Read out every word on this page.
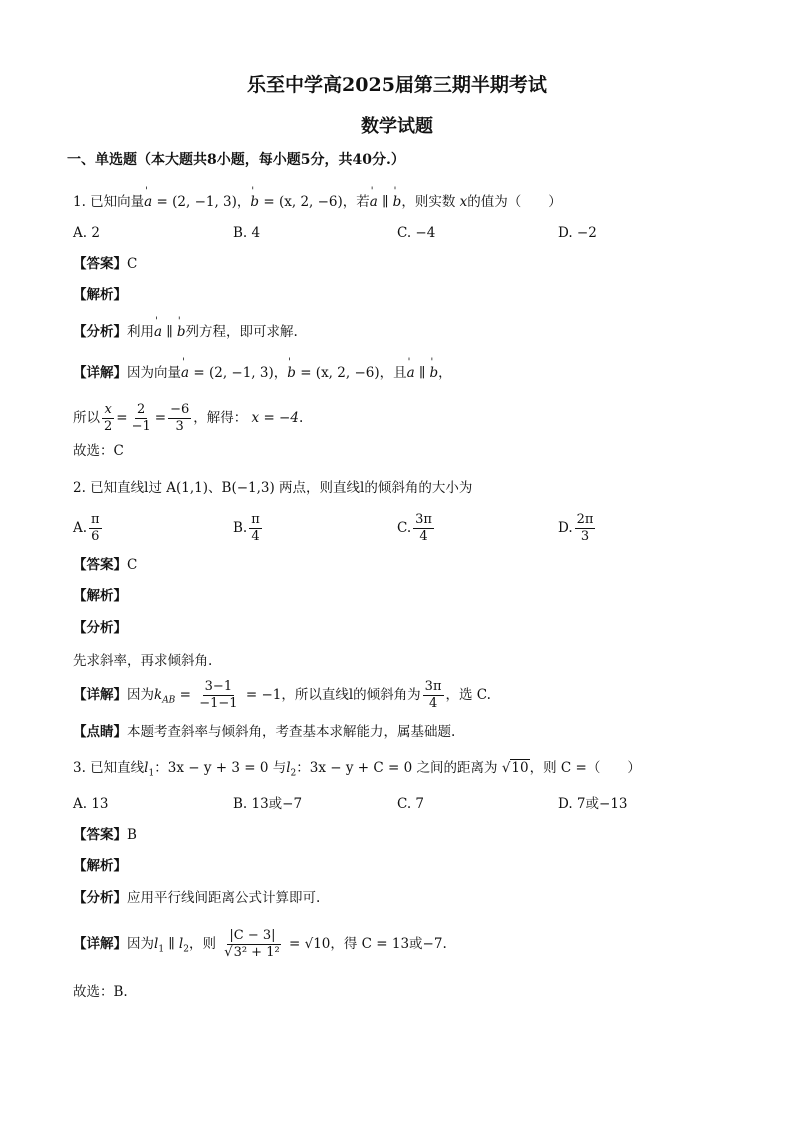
乐至中学高2025届第三期半期考试
数学试题
一、单选题（本大题共8小题，每小题5分，共40分.）
1. 已知向量' a = (2, −1, 3)，' b = (x, 2, −6)，若' a ∥ ' b，则实数 x的值为（　　）
A. 2	B. 4	C. −4	D. −2
【答案】C
【解析】
【分析】利用' a ∥ ' b列方程，即可求解.
【详解】因为向量' a = (2, −1, 3)，' b = (x, 2, −6)，且' a ∥ ' b，
所以 $\frac{x}{2} = \frac{2}{-1} = \frac{-6}{3}$ ，解得： x = −4.
故选：C
2. 已知直线l过 A(1,1)、B(−1,3) 两点，则直线l的倾斜角的大小为
A. $\frac{\pi}{6}$	B. $\frac{\pi}{4}$	C. $\frac{3\pi}{4}$	D. $\frac{2\pi}{3}$
【答案】C
【解析】
【分析】
先求斜率，再求倾斜角.
【详解】因为$k_{AB} = \frac{3-1}{-1-1} = -1$，所以直线l的倾斜角为 $\frac{3\pi}{4}$ ，选 C.
【点睛】本题考查斜率与倾斜角，考查基本求解能力，属基础题.
3. 已知直线$l_1$：3x − y + 3 = 0 与$l_2$：3x − y + C = 0 之间的距离为 √10，则 C =（　　）
A. 13	B. 13或−7	C. 7	D. 7或−13
【答案】B
【解析】
【分析】应用平行线间距离公式计算即可.
【详解】因为$l_1$ ∥ $l_2$，则 $\frac{|C - 3|}{\text{√3² + 1²}} = √10$，得 C = 13或−7.
故选：B.
